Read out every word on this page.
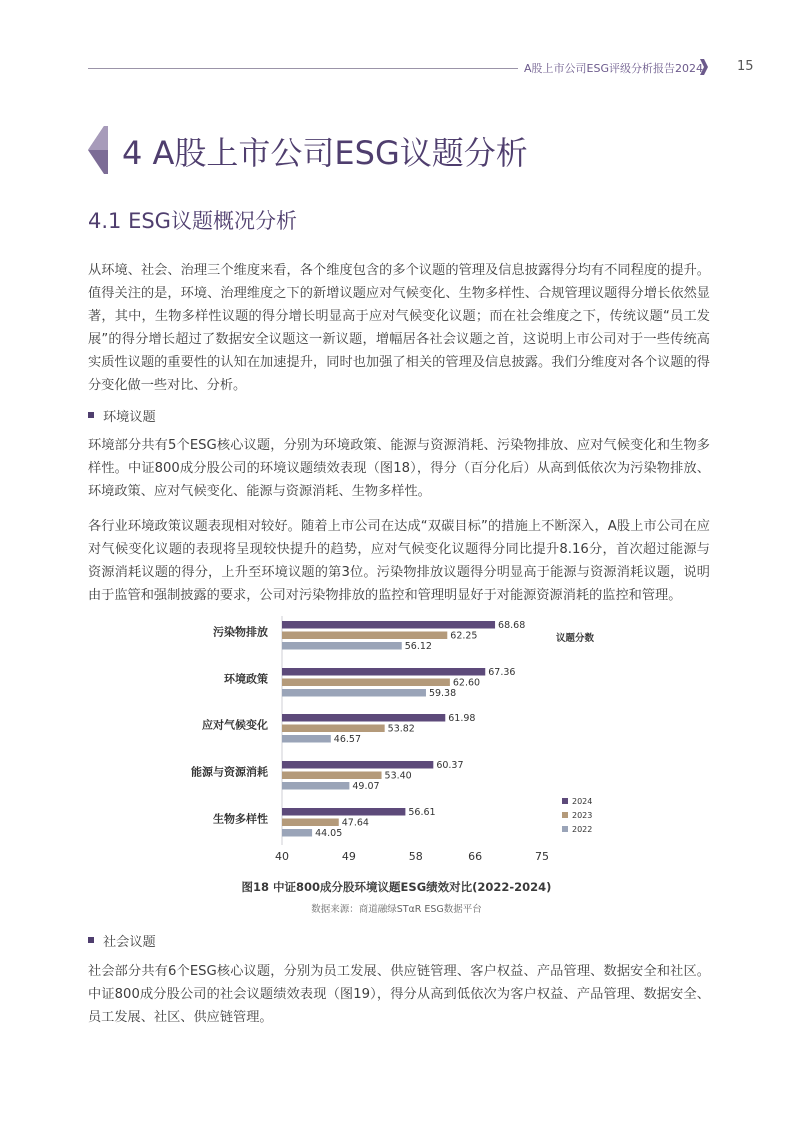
A股上市公司ESG评级分析报告2024	15
4 A股上市公司ESG议题分析
4.1 ESG议题概况分析

从环境、社会、治理三个维度来看，各个维度包含的多个议题的管理及信息披露得分均有不同程度的提升。值得关注的是，环境、治理维度之下的新增议题应对气候变化、生物多样性、合规管理议题得分增长依然显著，其中，生物多样性议题的得分增长明显高于应对气候变化议题；而在社会维度之下，传统议题“员工发展”的得分增长超过了数据安全议题这一新议题，增幅居各社会议题之首，这说明上市公司对于一些传统高实质性议题的重要性的认知在加速提升，同时也加强了相关的管理及信息披露。我们分维度对各个议题的得分变化做一些对比、分析。

环境议题

环境部分共有5个ESG核心议题，分别为环境政策、能源与资源消耗、污染物排放、应对气候变化和生物多样性。中证800成分股公司的环境议题绩效表现（图18），得分（百分化后）从高到低依次为污染物排放、环境政策、应对气候变化、能源与资源消耗、生物多样性。

各行业环境政策议题表现相对较好。随着上市公司在达成“双碳目标”的措施上不断深入，A股上市公司在应对气候变化议题的表现将呈现较快提升的趋势，应对气候变化议题得分同比提升8.16分，首次超过能源与资源消耗议题的得分，上升至环境议题的第3位。污染物排放议题得分明显高于能源与资源消耗议题，说明由于监管和强制披露的要求，公司对污染物排放的监控和管理明显好于对能源资源消耗的监控和管理。

污染物排放	68.68
62.25
56.12
环境政策	67.36
62.60
59.38
应对气候变化	61.98
53.82
46.57
能源与资源消耗	60.37
53.40
49.07
生物多样性	56.61
47.64
44.05
40	49	58	66	75
议题分数
2024
2023
2022
图18 中证800成分股环境议题ESG绩效对比(2022-2024)
数据来源：商道融绿STαR ESG数据平台
社会议题

社会部分共有6个ESG核心议题，分别为员工发展、供应链管理、客户权益、产品管理、数据安全和社区。中证800成分股公司的社会议题绩效表现（图19），得分从高到低依次为客户权益、产品管理、数据安全、员工发展、社区、供应链管理。
